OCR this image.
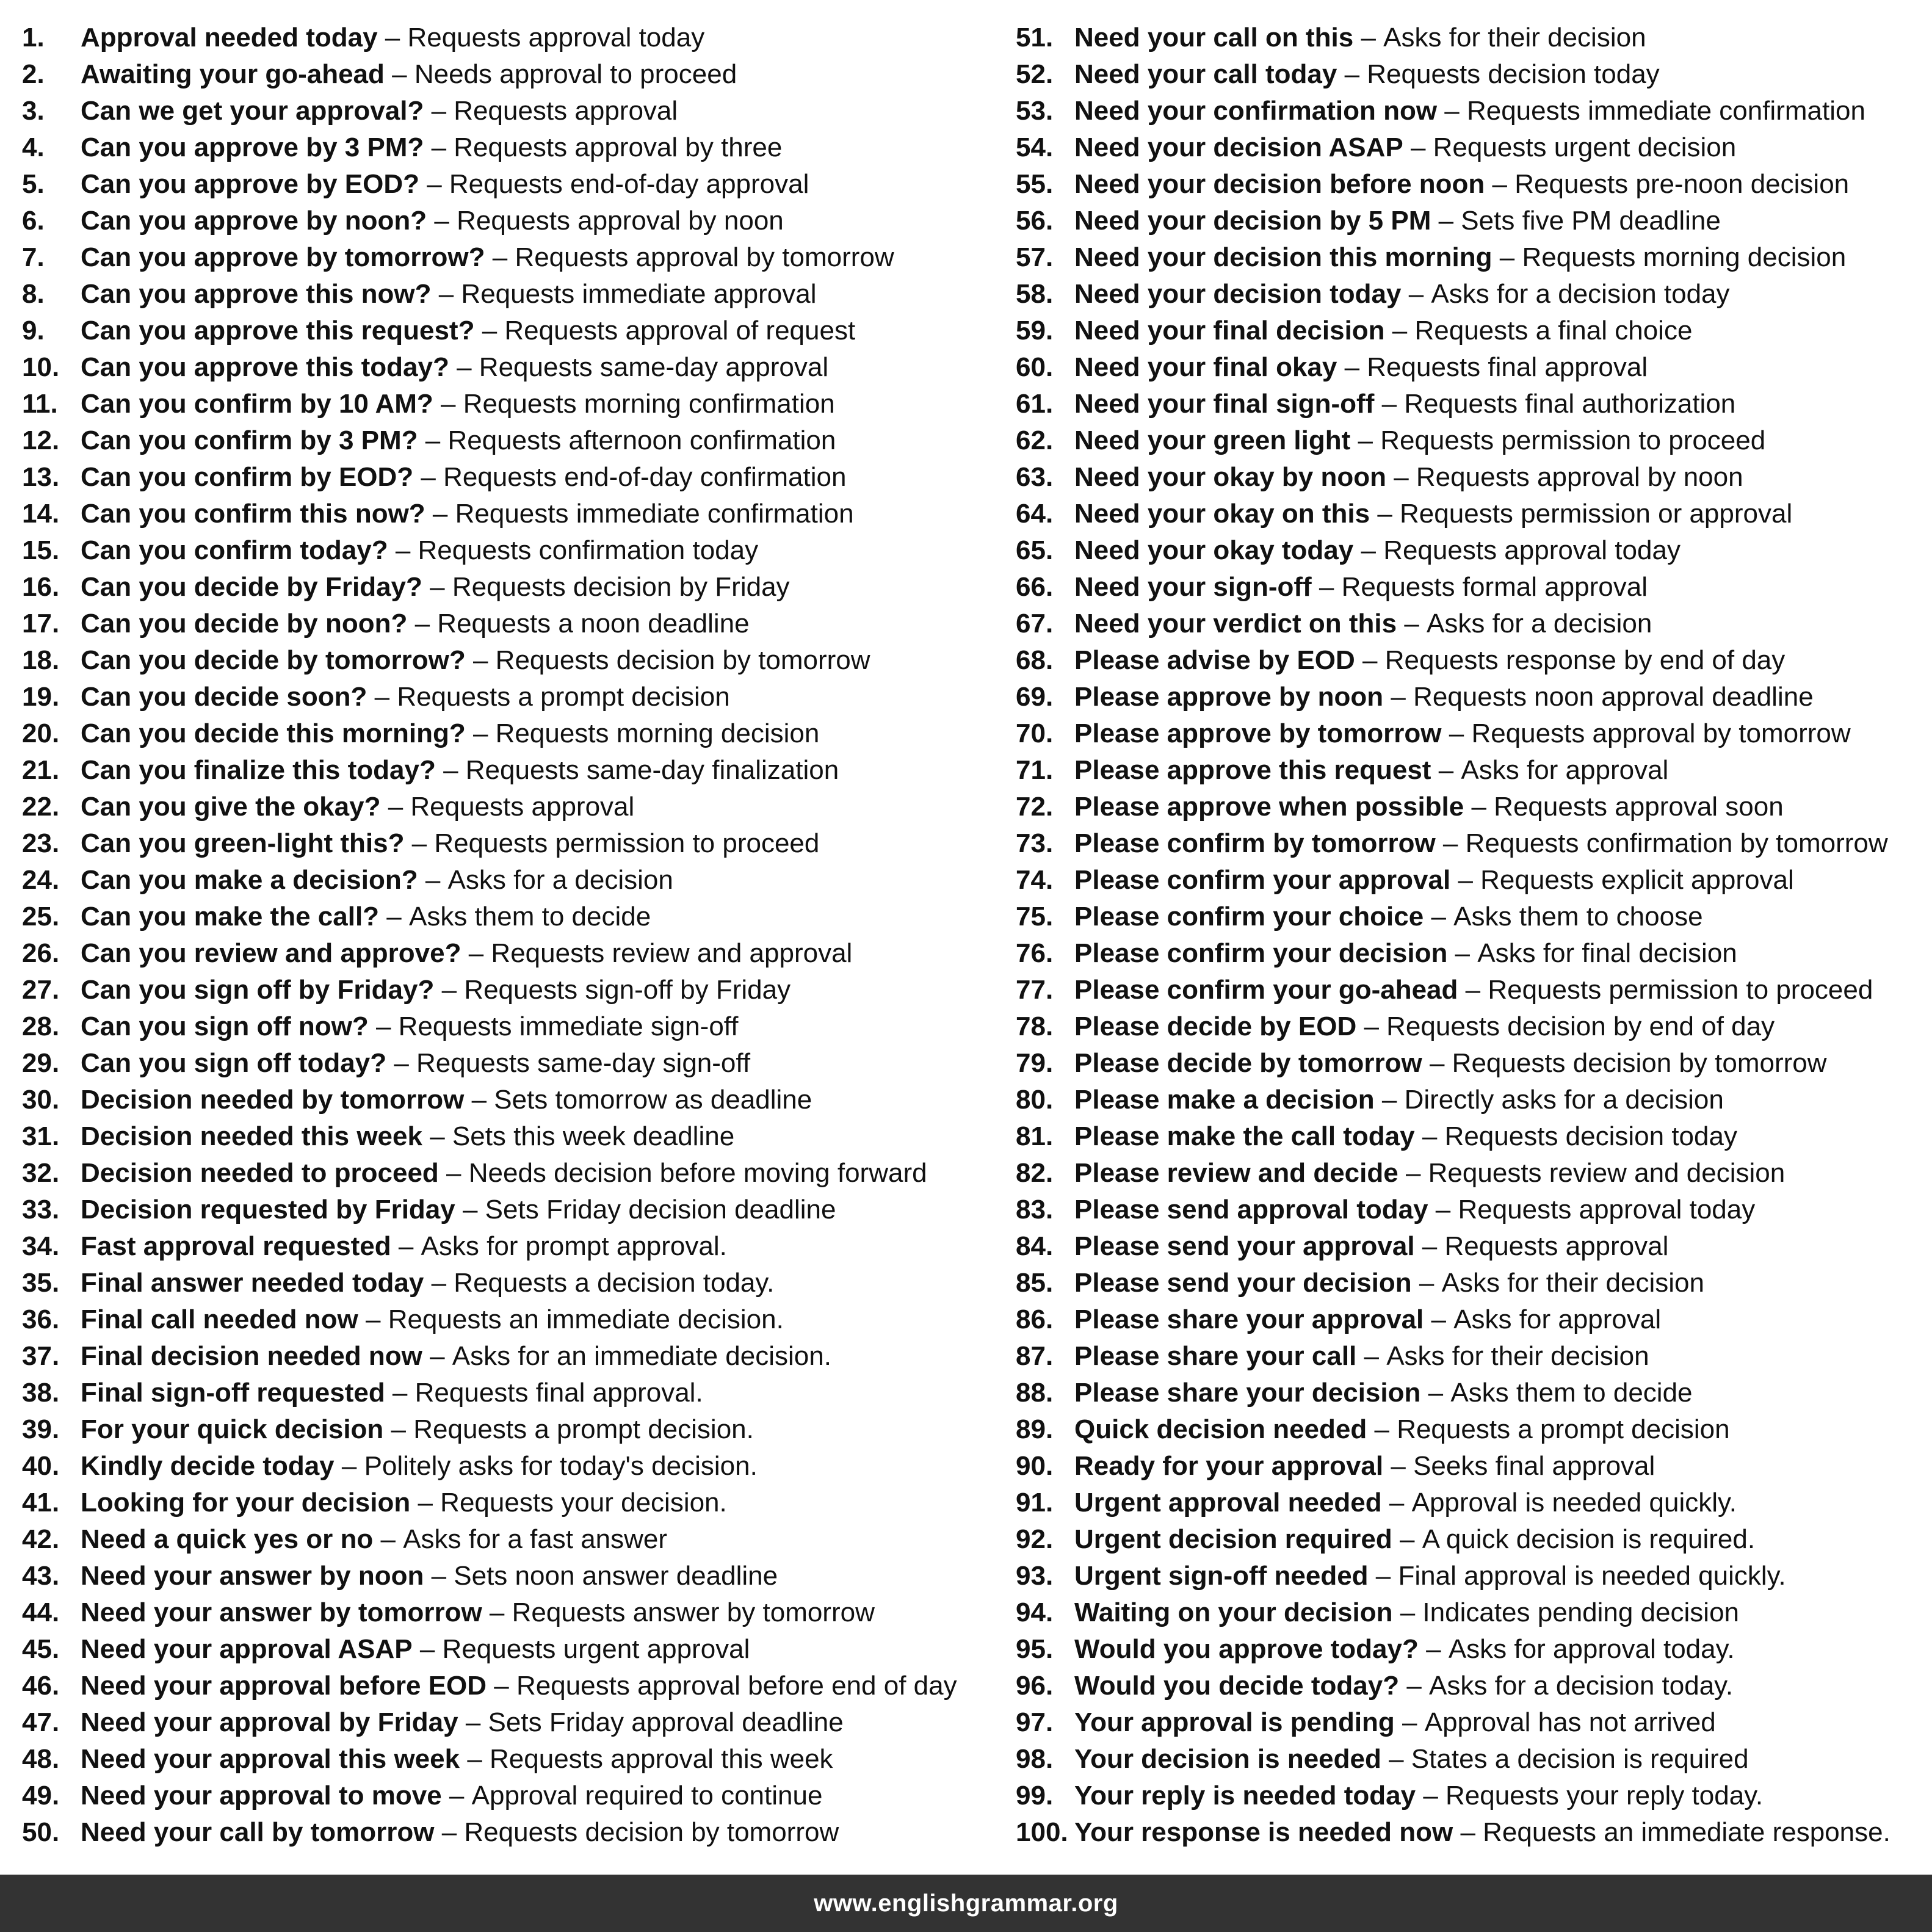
1.	Approval needed today – Requests approval today
2.	Awaiting your go-ahead – Needs approval to proceed
3.	Can we get your approval? – Requests approval
4.	Can you approve by 3 PM? – Requests approval by three
5.	Can you approve by EOD? – Requests end-of-day approval
6.	Can you approve by noon? – Requests approval by noon
7.	Can you approve by tomorrow? – Requests approval by tomorrow
8.	Can you approve this now? – Requests immediate approval
9.	Can you approve this request? – Requests approval of request
10. Can you approve this today? – Requests same-day approval
11. Can you confirm by 10 AM? – Requests morning confirmation
12. Can you confirm by 3 PM? – Requests afternoon confirmation
13. Can you confirm by EOD? – Requests end-of-day confirmation
14. Can you confirm this now? – Requests immediate confirmation
15. Can you confirm today? – Requests confirmation today
16. Can you decide by Friday? – Requests decision by Friday
17. Can you decide by noon? – Requests a noon deadline
18. Can you decide by tomorrow? – Requests decision by tomorrow
19. Can you decide soon? – Requests a prompt decision
20. Can you decide this morning? – Requests morning decision
21. Can you finalize this today? – Requests same-day finalization
22. Can you give the okay? – Requests approval
23. Can you green-light this? – Requests permission to proceed
24. Can you make a decision? – Asks for a decision
25. Can you make the call? – Asks them to decide
26. Can you review and approve? – Requests review and approval
27. Can you sign off by Friday? – Requests sign-off by Friday
28. Can you sign off now? – Requests immediate sign-off
29. Can you sign off today? – Requests same-day sign-off
30. Decision needed by tomorrow – Sets tomorrow as deadline
31. Decision needed this week – Sets this week deadline
32. Decision needed to proceed – Needs decision before moving forward
33. Decision requested by Friday – Sets Friday decision deadline
34. Fast approval requested – Asks for prompt approval.
35. Final answer needed today – Requests a decision today.
36. Final call needed now – Requests an immediate decision.
37. Final decision needed now – Asks for an immediate decision.
38. Final sign-off requested – Requests final approval.
39. For your quick decision – Requests a prompt decision.
40. Kindly decide today – Politely asks for today's decision.
41. Looking for your decision – Requests your decision.
42. Need a quick yes or no – Asks for a fast answer
43. Need your answer by noon – Sets noon answer deadline
44. Need your answer by tomorrow – Requests answer by tomorrow
45. Need your approval ASAP – Requests urgent approval
46. Need your approval before EOD – Requests approval before end of day
47. Need your approval by Friday – Sets Friday approval deadline
48. Need your approval this week – Requests approval this week
49. Need your approval to move – Approval required to continue
50. Need your call by tomorrow – Requests decision by tomorrow
51. Need your call on this – Asks for their decision
52. Need your call today – Requests decision today
53. Need your confirmation now – Requests immediate confirmation
54. Need your decision ASAP – Requests urgent decision
55. Need your decision before noon – Requests pre-noon decision
56. Need your decision by 5 PM – Sets five PM deadline
57. Need your decision this morning – Requests morning decision
58. Need your decision today – Asks for a decision today
59. Need your final decision – Requests a final choice
60. Need your final okay – Requests final approval
61. Need your final sign-off – Requests final authorization
62. Need your green light – Requests permission to proceed
63. Need your okay by noon – Requests approval by noon
64. Need your okay on this – Requests permission or approval
65. Need your okay today – Requests approval today
66. Need your sign-off – Requests formal approval
67. Need your verdict on this – Asks for a decision
68. Please advise by EOD – Requests response by end of day
69. Please approve by noon – Requests noon approval deadline
70. Please approve by tomorrow – Requests approval by tomorrow
71. Please approve this request – Asks for approval
72. Please approve when possible – Requests approval soon
73. Please confirm by tomorrow – Requests confirmation by tomorrow
74. Please confirm your approval – Requests explicit approval
75. Please confirm your choice – Asks them to choose
76. Please confirm your decision – Asks for final decision
77. Please confirm your go-ahead – Requests permission to proceed
78. Please decide by EOD – Requests decision by end of day
79. Please decide by tomorrow – Requests decision by tomorrow
80. Please make a decision – Directly asks for a decision
81. Please make the call today – Requests decision today
82. Please review and decide – Requests review and decision
83. Please send approval today – Requests approval today
84. Please send your approval – Requests approval
85. Please send your decision – Asks for their decision
86. Please share your approval – Asks for approval
87. Please share your call – Asks for their decision
88. Please share your decision – Asks them to decide
89. Quick decision needed – Requests a prompt decision
90. Ready for your approval – Seeks final approval
91. Urgent approval needed – Approval is needed quickly.
92. Urgent decision required – A quick decision is required.
93. Urgent sign-off needed – Final approval is needed quickly.
94. Waiting on your decision – Indicates pending decision
95. Would you approve today? – Asks for approval today.
96. Would you decide today? – Asks for a decision today.
97. Your approval is pending – Approval has not arrived
98. Your decision is needed – States a decision is required
99. Your reply is needed today – Requests your reply today.
100. Your response is needed now – Requests an immediate response.
www.englishgrammar.org
